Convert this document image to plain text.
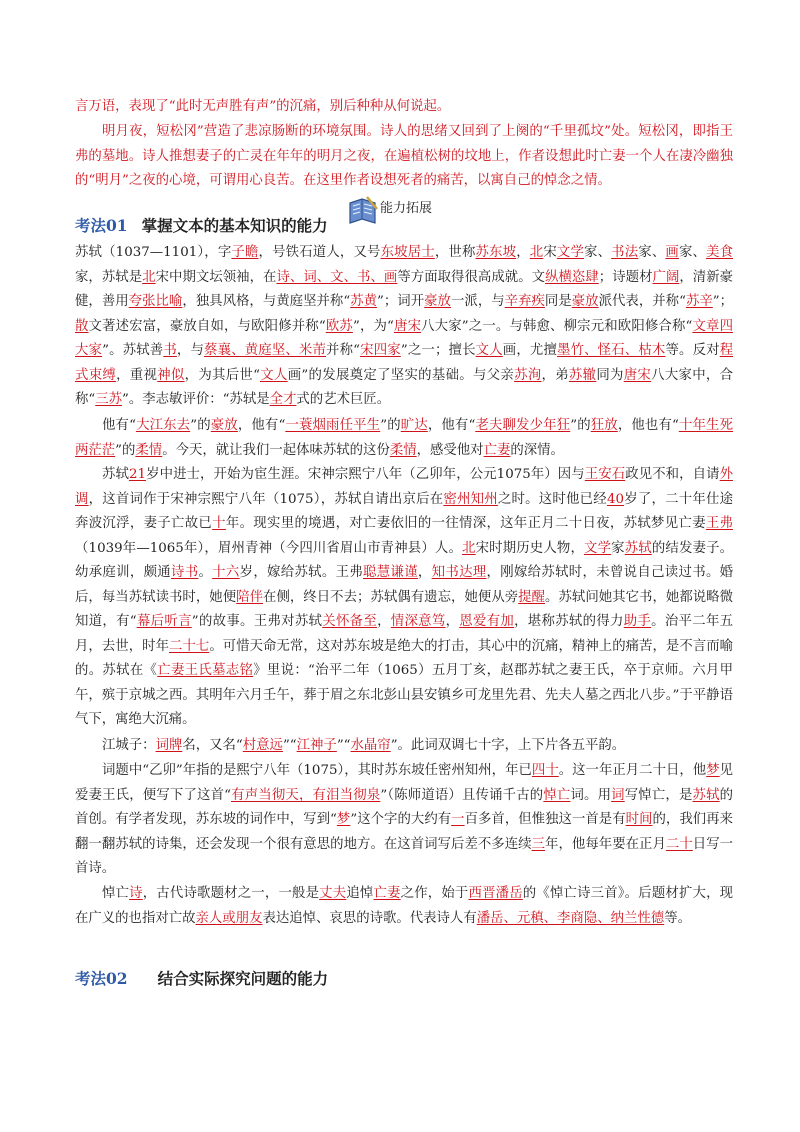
言万语，表现了“此时无声胜有声”的沉痛，别后种种从何说起。

明月夜，短松冈”营造了悲凉肠断的环境氛围。诗人的思绪又回到了上阕的“千里孤坟”处。短松冈，即指王弗的墓地。诗人推想妻子的亡灵在年年的明月之夜，在遍植松树的坟地上，作者设想此时亡妻一个人在凄冷幽独的“明月”之夜的心境，可谓用心良苦。在这里作者设想死者的痛苦，以寓自己的悼念之情。

能力拓展
考法01 掌握文本的基本知识的能力

苏轼（1037—1101），字子瞻，号铁石道人，又号东坡居士，世称苏东坡，北宋文学家、书法家、画家、美食家，苏轼是北宋中期文坛领袖，在诗、词、文、书、画等方面取得很高成就。文纵横恣肆；诗题材广阔，清新豪健，善用夸张比喻，独具风格，与黄庭坚并称“苏黄”；词开豪放一派，与辛弃疾同是豪放派代表，并称“苏辛”；散文著述宏富，豪放自如，与欧阳修并称“欧苏”，为“唐宋八大家”之一。与韩愈、柳宗元和欧阳修合称“文章四大家”。苏轼善书，与蔡襄、黄庭坚、米芾并称“宋四家”之一；擅长文人画，尤擅墨竹、怪石、枯木等。反对程式束缚，重视神似，为其后世“文人画”的发展奠定了坚实的基础。与父亲苏洵，弟苏辙同为唐宋八大家中，合称“三苏”。李志敏评价：“苏轼是全才式的艺术巨匠。

他有“大江东去”的豪放，他有“一蓑烟雨任平生”的旷达，他有“老夫聊发少年狂”的狂放，他也有“十年生死两茫茫”的柔情。今天，就让我们一起体味苏轼的这份柔情，感受他对亡妻的深情。

苏轼21岁中进士，开始为宦生涯。宋神宗熙宁八年（乙卯年，公元1075年）因与王安石政见不和，自请外调，这首词作于宋神宗熙宁八年（1075），苏轼自请出京后在密州知州之时。这时他已经40岁了，二十年仕途奔波沉浮，妻子亡故已十年。现实里的境遇，对亡妻依旧的一往情深，这年正月二十日夜，苏轼梦见亡妻王弗（1039年—1065年），眉州青神（今四川省眉山市青神县）人。北宋时期历史人物，文学家苏轼的结发妻子。幼承庭训，颇通诗书。十六岁，嫁给苏轼。王弗聪慧谦谨，知书达理，刚嫁给苏轼时，未曾说自己读过书。婚后，每当苏轼读书时，她便陪伴在侧，终日不去；苏轼偶有遗忘，她便从旁提醒。苏轼问她其它书，她都说略微知道，有“幕后听言”的故事。王弗对苏轼关怀备至，情深意笃，恩爱有加，堪称苏轼的得力助手。治平二年五月，去世，时年二十七。可惜天命无常，这对苏东坡是绝大的打击，其心中的沉痛，精神上的痛苦，是不言而喻的。苏轼在《亡妻王氏墓志铭》里说：“治平二年（1065）五月丁亥，赵郡苏轼之妻王氏，卒于京师。六月甲午，殡于京城之西。其明年六月壬午，葬于眉之东北彭山县安镇乡可龙里先君、先夫人墓之西北八步。”于平静语气下，寓绝大沉痛。

江城子：词牌名，又名“村意远”“江神子”“水晶帘”。此词双调七十字，上下片各五平韵。

词题中“乙卯”年指的是熙宁八年（1075），其时苏东坡任密州知州，年已四十。这一年正月二十日，他梦见爱妻王氏，便写下了这首“有声当彻天，有泪当彻泉”（陈师道语）且传诵千古的悼亡词。用词写悼亡，是苏轼的首创。有学者发现，苏东坡的词作中，写到“梦”这个字的大约有一百多首，但惟独这一首是有时间的，我们再来翻一翻苏轼的诗集，还会发现一个很有意思的地方。在这首词写后差不多连续三年，他每年要在正月二十日写一首诗。

悼亡诗，古代诗歌题材之一，一般是丈夫追悼亡妻之作，始于西晋潘岳的《悼亡诗三首》。后题材扩大，现在广义的也指对亡故亲人或朋友表达追悼、哀思的诗歌。代表诗人有潘岳、元稹、李商隐、纳兰性德等。

考法02 结合实际探究问题的能力
